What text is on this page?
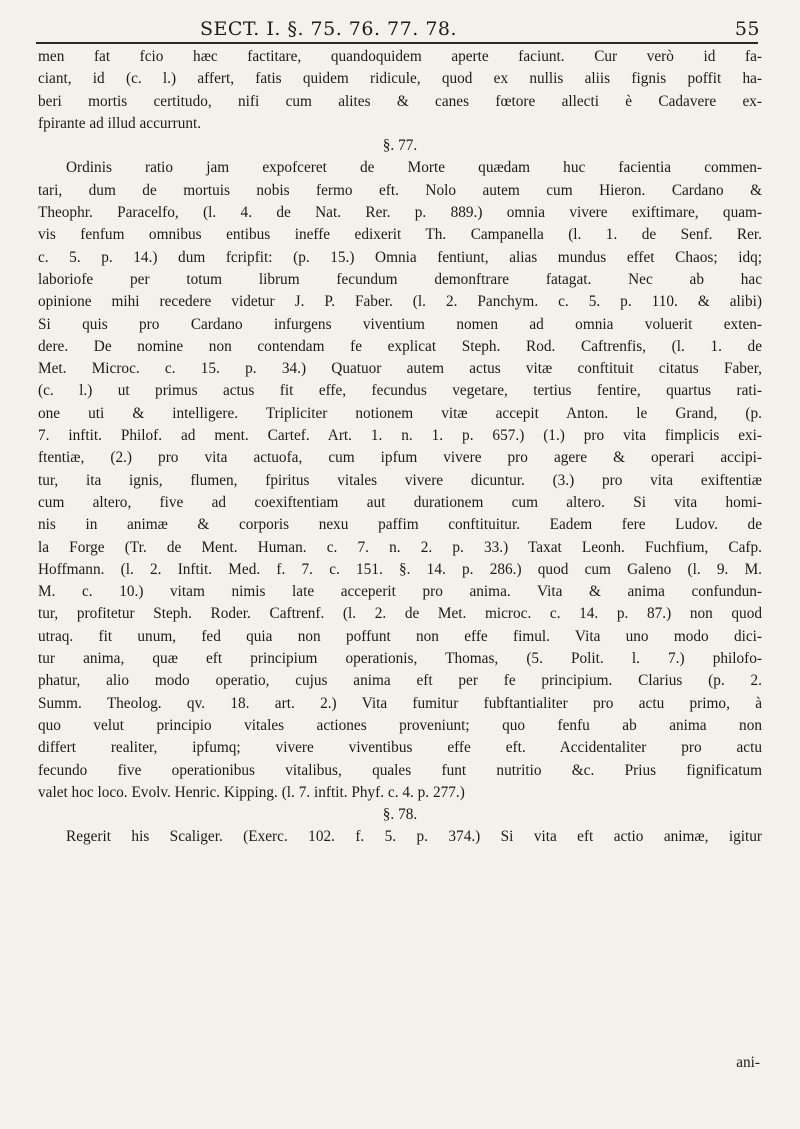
SECT. I. §. 75. 76. 77. 78.	55
men fat fcio hæc factitare, quandoquidem aperte faciunt. Cur verò id fa-
ciant, id (c. l.) affert, fatis quidem ridicule, quod ex nullis aliis fignis poffit ha-
beri mortis certitudo, nifi cum alites & canes fœtore allecti è Cadavere ex-
fpirante ad illud accurrunt.
§. 77.
Ordinis ratio jam expofceret de Morte quædam huc facientia commen-
tari, dum de mortuis nobis fermo eft. Nolo autem cum Hieron. Cardano &
Theophr. Paracelfo, (l. 4. de Nat. Rer. p. 889.) omnia vivere exiftimare, quam-
vis fenfum omnibus entibus ineffe edixerit Th. Campanella (l. 1. de Senf. Rer.
c. 5. p. 14.) dum fcripfit: (p. 15.) Omnia fentiunt, alias mundus effet Chaos; idq;
laboriofe per totum librum fecundum demonftrare fatagat. Nec ab hac
opinione mihi recedere videtur J. P. Faber. (l. 2. Panchym. c. 5. p. 110. & alibi)
Si quis pro Cardano infurgens viventium nomen ad omnia voluerit exten-
dere. De nomine non contendam fe explicat Steph. Rod. Caftrenfis, (l. 1. de
Met. Microc. c. 15. p. 34.) Quatuor autem actus vitæ conftituit citatus Faber,
(c. l.) ut primus actus fit effe, fecundus vegetare, tertius fentire, quartus rati-
one uti & intelligere. Tripliciter notionem vitæ accepit Anton. le Grand, (p.
7. inftit. Philof. ad ment. Cartef. Art. 1. n. 1. p. 657.) (1.) pro vita fimplicis exi-
ftentiæ, (2.) pro vita actuofa, cum ipfum vivere pro agere & operari accipi-
tur, ita ignis, flumen, fpiritus vitales vivere dicuntur. (3.) pro vita exiftentiæ
cum altero, five ad coexiftentiam aut durationem cum altero. Si vita homi-
nis in animæ & corporis nexu paffim conftituitur. Eadem fere Ludov. de
la Forge (Tr. de Ment. Human. c. 7. n. 2. p. 33.) Taxat Leonh. Fuchfium, Cafp.
Hoffmann. (l. 2. Inftit. Med. f. 7. c. 151. §. 14. p. 286.) quod cum Galeno (l. 9. M.
M. c. 10.) vitam nimis late acceperit pro anima. Vita & anima confundun-
tur, profitetur Steph. Roder. Caftrenf. (l. 2. de Met. microc. c. 14. p. 87.) non quod
utraq. fit unum, fed quia non poffunt non effe fimul. Vita uno modo dici-
tur anima, quæ eft principium operationis, Thomas, (5. Polit. l. 7.) philofo-
phatur, alio modo operatio, cujus anima eft per fe principium. Clarius (p. 2.
Summ. Theolog. qv. 18. art. 2.) Vita fumitur fubftantialiter pro actu primo, à
quo velut principio vitales actiones proveniunt; quo fenfu ab anima non
differt realiter, ipfumq; vivere viventibus effe eft. Accidentaliter pro actu
fecundo five operationibus vitalibus, quales funt nutritio &c. Prius fignificatum
valet hoc loco. Evolv. Henric. Kipping. (l. 7. inftit. Phyf. c. 4. p. 277.)
§. 78.
Regerit his Scaliger. (Exerc. 102. f. 5. p. 374.) Si vita eft actio animæ, igitur
ani-
